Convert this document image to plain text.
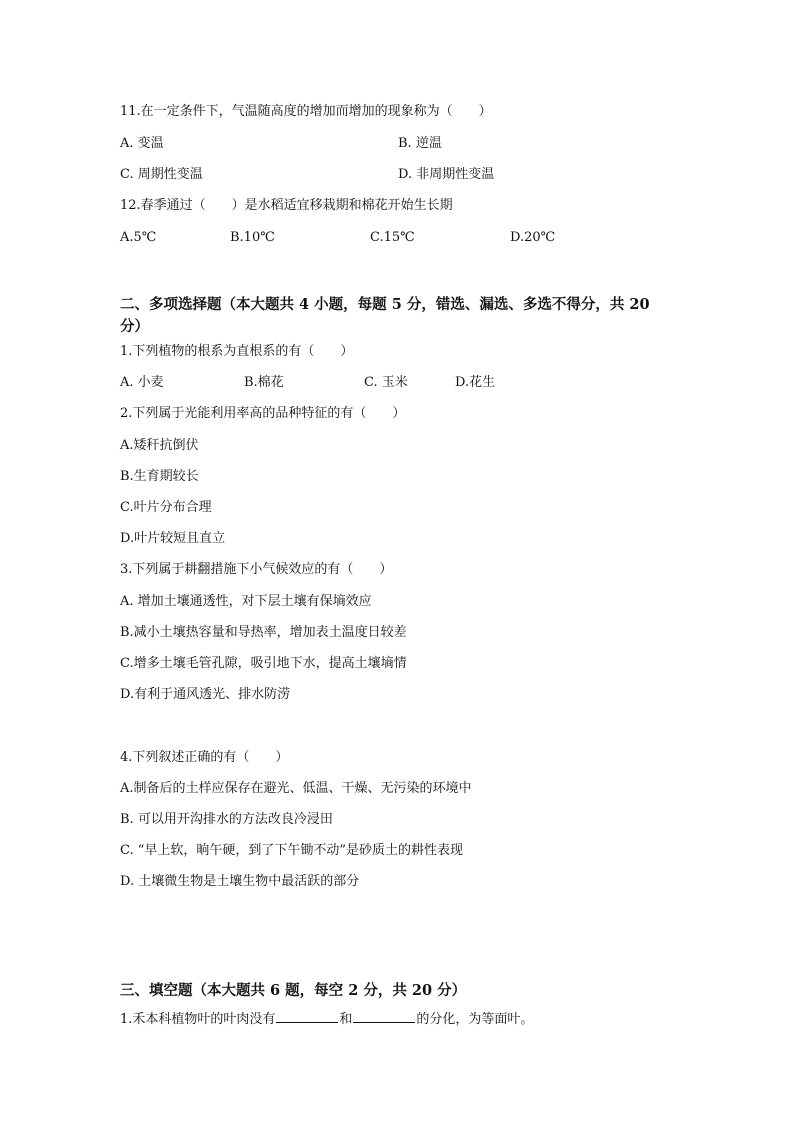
11.在一定条件下，气温随高度的增加而增加的现象称为（　　）
A. 变温	B. 逆温
C. 周期性变温	D. 非周期性变温
12.春季通过（　　）是水稻适宜移栽期和棉花开始生长期
A.5℃	B.10℃	C.15℃	D.20℃
二、多项选择题（本大题共 4 小题，每题 5 分，错选、漏选、多选不得分，共 20
分）
1.下列植物的根系为直根系的有（　　）
A. 小麦	B.棉花	C. 玉米	D.花生
2.下列属于光能利用率高的品种特征的有（　　）
A.矮秆抗倒伏
B.生育期较长
C.叶片分布合理
D.叶片较短且直立
3.下列属于耕翻措施下小气候效应的有（　　）
A. 增加土壤通透性，对下层土壤有保墒效应
B.减小土壤热容量和导热率，增加表土温度日较差
C.增多土壤毛管孔隙，吸引地下水，提高土壤墒情
D.有利于通风透光、排水防涝
4.下列叙述正确的有（　　）
A.制备后的土样应保存在避光、低温、干燥、无污染的环境中
B. 可以用开沟排水的方法改良冷浸田
C. “早上软，晌午硬，到了下午锄不动”是砂质土的耕性表现
D. 土壤微生物是土壤生物中最活跃的部分
三、填空题（本大题共 6 题，每空 2 分，共 20 分）
1.禾本科植物叶的叶肉没有	和	的分化，为等面叶。
